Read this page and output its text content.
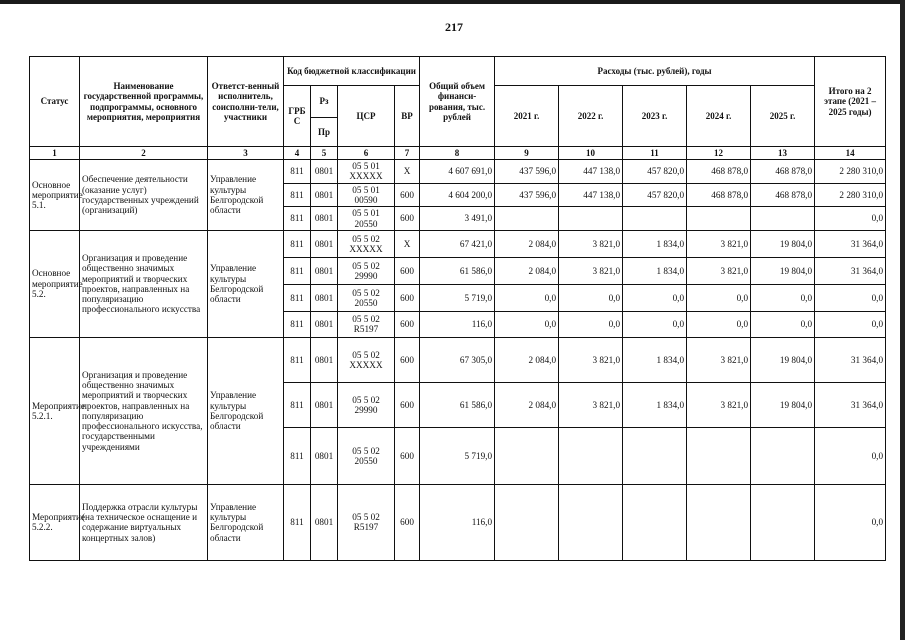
217
Статус	Наименование государственной программы, подпрограммы, основного мероприятия, мероприятия	Ответст-венный исполнитель, соисполни-тели, участники	Код бюджетной классификации				Общий объем финанси-рования, тыс. рублей	Расходы (тыс. рублей), годы					Итого на 2 этапе (2021 – 2025 годы)
			ГРБ С	Рз	ЦСР	ВР		2021 г.	2022 г.	2023 г.	2024 г.	2025 г.	
				Пр									
1	2	3	4	5	6	7	8	9	10	11	12	13	14
Основное мероприятие 5.1.	Обеспечение деятельности (оказание услуг) государственных учреждений (организаций)	Управление культуры Белгородской области	811	0801	05 5 01 XXXXX	X	4 607 691,0	437 596,0	447 138,0	457 820,0	468 878,0	468 878,0	2 280 310,0
			811	0801	05 5 01 00590	600	4 604 200,0	437 596,0	447 138,0	457 820,0	468 878,0	468 878,0	2 280 310,0
			811	0801	05 5 01 20550	600	3 491,0						0,0
Основное мероприятие 5.2.	Организация и проведение общественно значимых мероприятий и творческих проектов, направленных на популяризацию профессионального искусства	Управление культуры Белгородской области	811	0801	05 5 02 XXXXX	X	67 421,0	2 084,0	3 821,0	1 834,0	3 821,0	19 804,0	31 364,0
			811	0801	05 5 02 29990	600	61 586,0	2 084,0	3 821,0	1 834,0	3 821,0	19 804,0	31 364,0
			811	0801	05 5 02 20550	600	5 719,0	0,0	0,0	0,0	0,0	0,0	0,0
			811	0801	05 5 02 R5197	600	116,0	0,0	0,0	0,0	0,0	0,0	0,0
Мероприятие 5.2.1.	Организация и проведение общественно значимых мероприятий и творческих проектов, направленных на популяризацию профессионального искусства, государственными учреждениями	Управление культуры Белгородской области	811	0801	05 5 02 XXXXX	600	67 305,0	2 084,0	3 821,0	1 834,0	3 821,0	19 804,0	31 364,0
			811	0801	05 5 02 29990	600	61 586,0	2 084,0	3 821,0	1 834,0	3 821,0	19 804,0	31 364,0
			811	0801	05 5 02 20550	600	5 719,0						0,0
Мероприятие 5.2.2.	Поддержка отрасли культуры (на техническое оснащение и содержание виртуальных концертных залов)	Управление культуры Белгородской области	811	0801	05 5 02 R5197	600	116,0						0,0
